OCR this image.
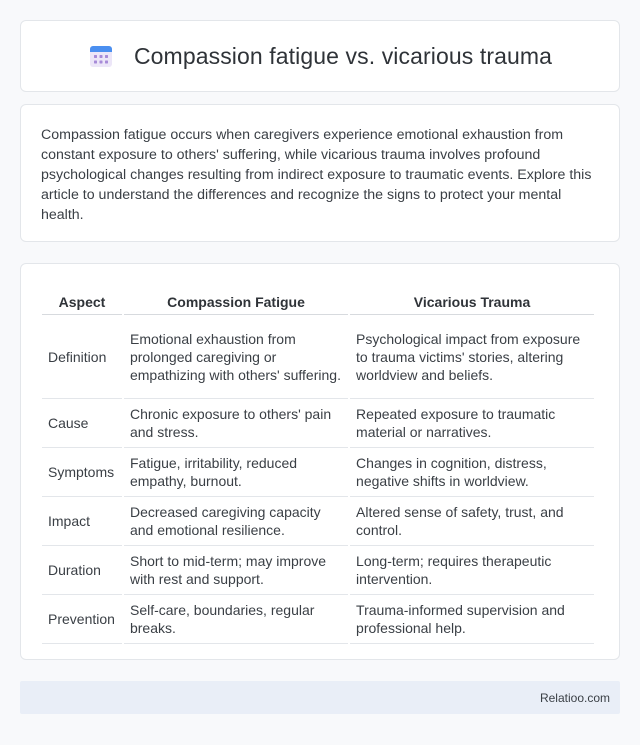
Compassion fatigue vs. vicarious trauma

Compassion fatigue occurs when caregivers experience emotional exhaustion from constant exposure to others' suffering, while vicarious trauma involves profound psychological changes resulting from indirect exposure to traumatic events. Explore this article to understand the differences and recognize the signs to protect your mental health.

Aspect	Compassion Fatigue	Vicarious Trauma
Definition	Emotional exhaustion from prolonged caregiving or empathizing with others' suffering.	Psychological impact from exposure to trauma victims' stories, altering worldview and beliefs.
Cause	Chronic exposure to others' pain and stress.	Repeated exposure to traumatic material or narratives.
Symptoms	Fatigue, irritability, reduced empathy, burnout.	Changes in cognition, distress, negative shifts in worldview.
Impact	Decreased caregiving capacity and emotional resilience.	Altered sense of safety, trust, and control.
Duration	Short to mid-term; may improve with rest and support.	Long-term; requires therapeutic intervention.
Prevention	Self-care, boundaries, regular breaks.	Trauma-informed supervision and professional help.
Relatioo.com
